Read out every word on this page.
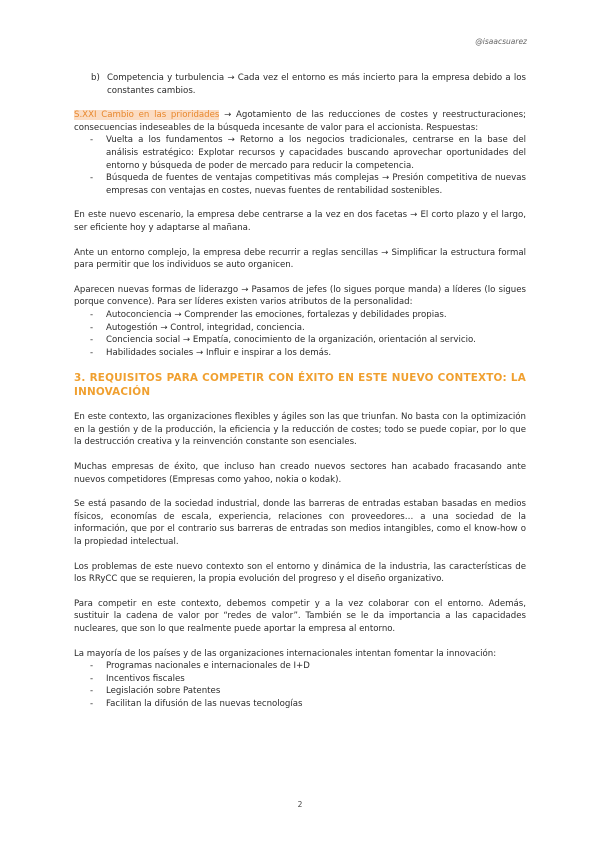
@isaacsuarez
b) Competencia y turbulencia → Cada vez el entorno es más incierto para la empresa debido a los constantes cambios.

S.XXI Cambio en las prioridades → Agotamiento de las reducciones de costes y reestructuraciones; consecuencias indeseables de la búsqueda incesante de valor para el accionista. Respuestas:

-	Vuelta a los fundamentos → Retorno a los negocios tradicionales, centrarse en la base del análisis estratégico: Explotar recursos y capacidades buscando aprovechar oportunidades del entorno y búsqueda de poder de mercado para reducir la competencia.
-	Búsqueda de fuentes de ventajas competitivas más complejas → Presión competitiva de nuevas empresas con ventajas en costes, nuevas fuentes de rentabilidad sostenibles.

En este nuevo escenario, la empresa debe centrarse a la vez en dos facetas → El corto plazo y el largo, ser eficiente hoy y adaptarse al mañana.

Ante un entorno complejo, la empresa debe recurrir a reglas sencillas → Simplificar la estructura formal para permitir que los individuos se auto organicen.

Aparecen nuevas formas de liderazgo → Pasamos de jefes (lo sigues porque manda) a líderes (lo sigues porque convence). Para ser líderes existen varios atributos de la personalidad:

-	Autoconciencia → Comprender las emociones, fortalezas y debilidades propias.
-	Autogestión → Control, integridad, conciencia.
-	Conciencia social → Empatía, conocimiento de la organización, orientación al servicio.
-	Habilidades sociales → Influir e inspirar a los demás.
3. REQUISITOS PARA COMPETIR CON ÉXITO EN ESTE NUEVO CONTEXTO: LA INNOVACIÓN

En este contexto, las organizaciones flexibles y ágiles son las que triunfan. No basta con la optimización en la gestión y de la producción, la eficiencia y la reducción de costes; todo se puede copiar, por lo que la destrucción creativa y la reinvención constante son esenciales.

Muchas empresas de éxito, que incluso han creado nuevos sectores han acabado fracasando ante nuevos competidores (Empresas como yahoo, nokia o kodak).

Se está pasando de la sociedad industrial, donde las barreras de entradas estaban basadas en medios físicos, economías de escala, experiencia, relaciones con proveedores… a una sociedad de la información, que por el contrario sus barreras de entradas son medios intangibles, como el know-how o la propiedad intelectual.

Los problemas de este nuevo contexto son el entorno y dinámica de la industria, las características de los RRyCC que se requieren, la propia evolución del progreso y el diseño organizativo.

Para competir en este contexto, debemos competir y a la vez colaborar con el entorno. Además, sustituir la cadena de valor por “redes de valor”. También se le da importancia a las capacidades nucleares, que son lo que realmente puede aportar la empresa al entorno.

La mayoría de los países y de las organizaciones internacionales intentan fomentar la innovación:

-	Programas nacionales e internacionales de I+D
-	Incentivos fiscales
-	Legislación sobre Patentes
-	Facilitan la difusión de las nuevas tecnologías
2
